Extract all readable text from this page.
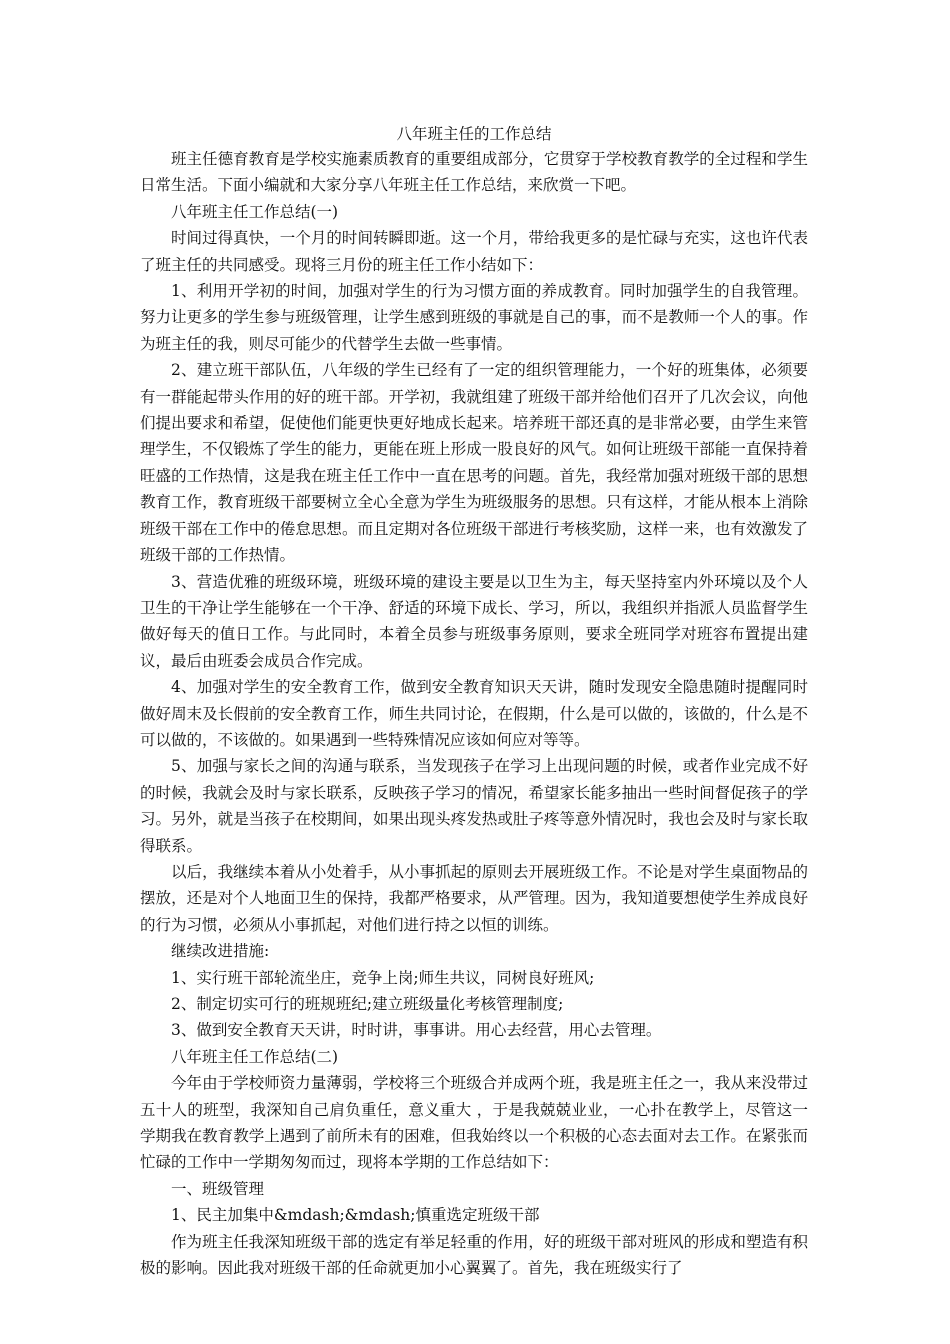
八年班主任的工作总结

班主任德育教育是学校实施素质教育的重要组成部分，它贯穿于学校教育教学的全过程和学生日常生活。下面小编就和大家分享八年班主任工作总结，来欣赏一下吧。

八年班主任工作总结(一)

时间过得真快，一个月的时间转瞬即逝。这一个月，带给我更多的是忙碌与充实，这也许代表了班主任的共同感受。现将三月份的班主任工作小结如下：

1、利用开学初的时间，加强对学生的行为习惯方面的养成教育。同时加强学生的自我管理。努力让更多的学生参与班级管理，让学生感到班级的事就是自己的事，而不是教师一个人的事。作为班主任的我，则尽可能少的代替学生去做一些事情。

2、建立班干部队伍，八年级的学生已经有了一定的组织管理能力，一个好的班集体，必须要有一群能起带头作用的好的班干部。开学初，我就组建了班级干部并给他们召开了几次会议，向他们提出要求和希望，促使他们能更快更好地成长起来。培养班干部还真的是非常必要，由学生来管理学生，不仅锻炼了学生的能力，更能在班上形成一股良好的风气。如何让班级干部能一直保持着旺盛的工作热情，这是我在班主任工作中一直在思考的问题。首先，我经常加强对班级干部的思想教育工作，教育班级干部要树立全心全意为学生为班级服务的思想。只有这样，才能从根本上消除班级干部在工作中的倦怠思想。而且定期对各位班级干部进行考核奖励，这样一来，也有效激发了班级干部的工作热情。

3、营造优雅的班级环境，班级环境的建设主要是以卫生为主，每天坚持室内外环境以及个人卫生的干净让学生能够在一个干净、舒适的环境下成长、学习，所以，我组织并指派人员监督学生做好每天的值日工作。与此同时，本着全员参与班级事务原则，要求全班同学对班容布置提出建议，最后由班委会成员合作完成。

4、加强对学生的安全教育工作，做到安全教育知识天天讲，随时发现安全隐患随时提醒同时做好周末及长假前的安全教育工作，师生共同讨论，在假期，什么是可以做的，该做的，什么是不可以做的，不该做的。如果遇到一些特殊情况应该如何应对等等。

5、加强与家长之间的沟通与联系，当发现孩子在学习上出现问题的时候，或者作业完成不好的时候，我就会及时与家长联系，反映孩子学习的情况，希望家长能多抽出一些时间督促孩子的学习。另外，就是当孩子在校期间，如果出现头疼发热或肚子疼等意外情况时，我也会及时与家长取得联系。

以后，我继续本着从小处着手，从小事抓起的原则去开展班级工作。不论是对学生桌面物品的摆放，还是对个人地面卫生的保持，我都严格要求，从严管理。因为，我知道要想使学生养成良好的行为习惯，必须从小事抓起，对他们进行持之以恒的训练。

继续改进措施:

1、实行班干部轮流坐庄，竞争上岗;师生共议，同树良好班风;

2、制定切实可行的班规班纪;建立班级量化考核管理制度;

3、做到安全教育天天讲，时时讲，事事讲。用心去经营，用心去管理。

八年班主任工作总结(二)

今年由于学校师资力量薄弱，学校将三个班级合并成两个班，我是班主任之一，我从来没带过五十人的班型，我深知自己肩负重任，意义重大 ，于是我兢兢业业，一心扑在教学上，尽管这一学期我在教育教学上遇到了前所未有的困难，但我始终以一个积极的心态去面对去工作。在紧张而忙碌的工作中一学期匆匆而过，现将本学期的工作总结如下：

一、班级管理

1、民主加集中&mdash;&mdash;慎重选定班级干部

作为班主任我深知班级干部的选定有举足轻重的作用，好的班级干部对班风的形成和塑造有积极的影响。因此我对班级干部的任命就更加小心翼翼了。首先，我在班级实行了
